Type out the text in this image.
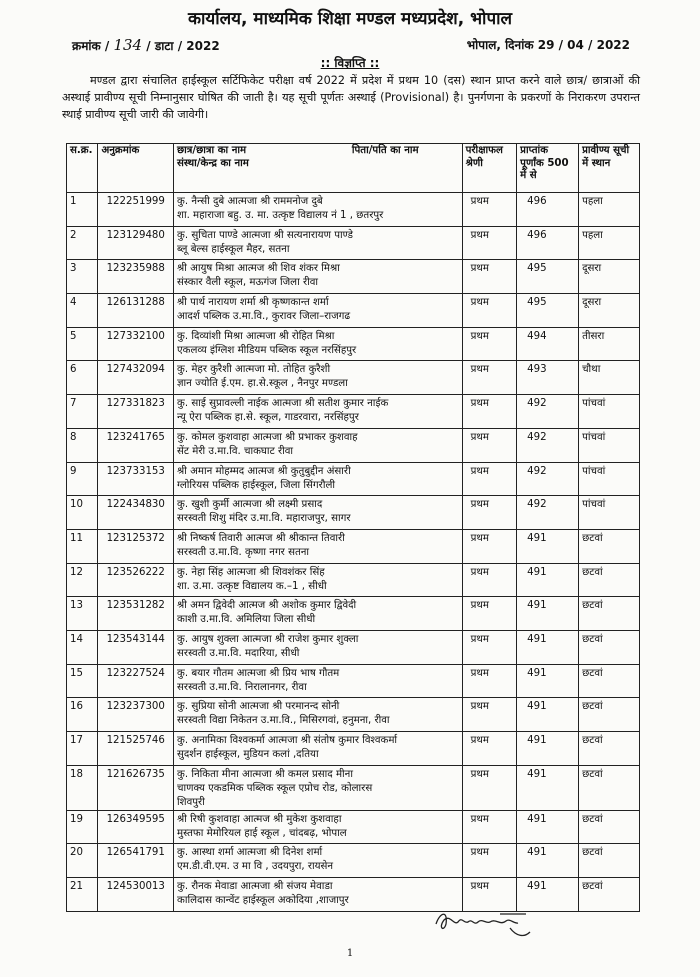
कार्यालय, माध्यमिक शिक्षा मण्डल मध्यप्रदेश, भोपाल
क्रमांक / 134 / डाटा / 2022	भोपाल, दिनांक 29 / 04 / 2022
:: विज्ञप्ति ::
मण्डल द्वारा संचालित हाईस्कूल सर्टिफिकेट परीक्षा वर्ष 2022 में प्रदेश में प्रथम 10 (दस) स्थान प्राप्त करने वाले छात्र/ छात्राओं की अस्थाई प्रावीण्य सूची निम्नानुसार घोषित की जाती है। यह सूची पूर्णतः अस्थाई (Provisional) है। पुनर्गणना के प्रकरणों के निराकरण उपरान्त स्थाई प्रावीण्य सूची जारी की जावेगी।
स.क्र.	अनुक्रमांक	छात्र/छात्रा का नाम पिता/पति का नाम
संस्था/केन्द्र का नाम	परीक्षाफल श्रेणी	प्राप्तांक पूर्णांक 500 में से	प्रावीण्य सूची में स्थान
1	122251999	कु. नैन्सी दुबे आत्मजा श्री राममनोज दुबे
शा. महाराजा बहु. उ. मा. उत्कृष्ट विद्यालय नं 1 , छतरपुर	प्रथम	496	पहला
2	123129480	कु. सुचिता पाण्डे आत्मजा श्री सत्यनारायण पाण्डे
ब्लू बेल्स हाईस्कूल मैहर, सतना	प्रथम	496	पहला
3	123235988	श्री आयुष मिश्रा आत्मज श्री शिव शंकर मिश्रा
संस्कार वैली स्कूल, मऊगंज जिला रीवा	प्रथम	495	दूसरा
4	126131288	श्री पार्थ नारायण शर्मा श्री कृष्णकान्त शर्मा
आदर्श पब्लिक उ.मा.वि., कुरावर जिला–राजगढ	प्रथम	495	दूसरा
5	127332100	कु. दिव्यांशी मिश्रा आत्मजा श्री रोहित मिश्रा
एकलव्य इंग्लिश मीडियम पब्लिक स्कूल नरसिंहपुर	प्रथम	494	तीसरा
6	127432094	कु. मेहर कुरैशी आत्मजा मो. तोहित कुरैशी
ज्ञान ज्योति ई.एम. हा.से.स्कूल , नैनपुर मण्डला	प्रथम	493	चौथा
7	127331823	कु. साई सुप्रावल्ली नाईक आत्मजा श्री सतीश कुमार नाईक
न्यू ऐरा पब्लिक हा.से. स्कूल, गाडरवारा, नरसिंहपुर	प्रथम	492	पांचवां
8	123241765	कु. कोमल कुशवाहा आत्मजा श्री प्रभाकर कुशवाह
सेंट मेरी उ.मा.वि. चाकघाट रीवा	प्रथम	492	पांचवां
9	123733153	श्री अमान मोहम्मद आत्मज श्री कुतुबुद्दीन अंसारी
ग्लोरियस पब्लिक हाईस्कूल, जिला सिंगरौली	प्रथम	492	पांचवां
10	122434830	कु. खुशी कुर्मी आत्मजा श्री लक्ष्मी प्रसाद
सरस्वती शिशु मंदिर उ.मा.वि. महाराजपुर, सागर	प्रथम	492	पांचवां
11	123125372	श्री निष्कर्ष तिवारी आत्मज श्री श्रीकान्त तिवारी
सरस्वती उ.मा.वि. कृष्णा नगर सतना	प्रथम	491	छटवां
12	123526222	कु. नेहा सिंह आत्मजा श्री शिवशंकर सिंह
शा. उ.मा. उत्कृष्ट विद्यालय क.–1 , सीधी	प्रथम	491	छटवां
13	123531282	श्री अमन द्विवेदी आत्मज श्री अशोक कुमार द्विवेदी
काशी उ.मा.वि. अमिलिया जिला सीधी	प्रथम	491	छटवां
14	123543144	कु. आयुष शुक्ला आत्मजा श्री राजेश कुमार शुक्ला
सरस्वती उ.मा.वि. मदारिया, सीधी	प्रथम	491	छटवां
15	123227524	कु. बयार गौतम आत्मजा श्री प्रिय भाष गौतम
सरस्वती उ.मा.वि. निरालानगर, रीवा	प्रथम	491	छटवां
16	123237300	कु. सुप्रिया सोनी आत्मजा श्री परमानन्द सोनी
सरस्वती विद्या निकेतन उ.मा.वि., मिसिरगवां, हनुमना, रीवा	प्रथम	491	छटवां
17	121525746	कु. अनामिका विश्वकर्मा आत्मजा श्री संतोष कुमार विश्वकर्मा
सुदर्शन हाईस्कूल, मुडियन कलां ,दतिया	प्रथम	491	छटवां
18	121626735	कु. निकिता मीना आत्मजा श्री कमल प्रसाद मीना
चाणक्य एकडमिक पब्लिक स्कूल एप्रोच रोड, कोलारस
शिवपुरी	प्रथम	491	छटवां
19	126349595	श्री रिषी कुशवाहा आत्मज श्री मुकेश कुशवाहा
मुस्तफा मेमोरियल हाई स्कूल , चांदबढ़, भोपाल	प्रथम	491	छटवां
20	126541791	कु. आस्था शर्मा आत्मजा श्री दिनेश शर्मा
एम.डी.वी.एम. उ मा वि , उदयपुरा, रायसेन	प्रथम	491	छटवां
21	124530013	कु. रौनक मेवाडा आत्मजा श्री संजय मेवाडा
कालिदास कान्वेंट हाईस्कूल अकोदिया ,शाजापुर	प्रथम	491	छटवां
1
